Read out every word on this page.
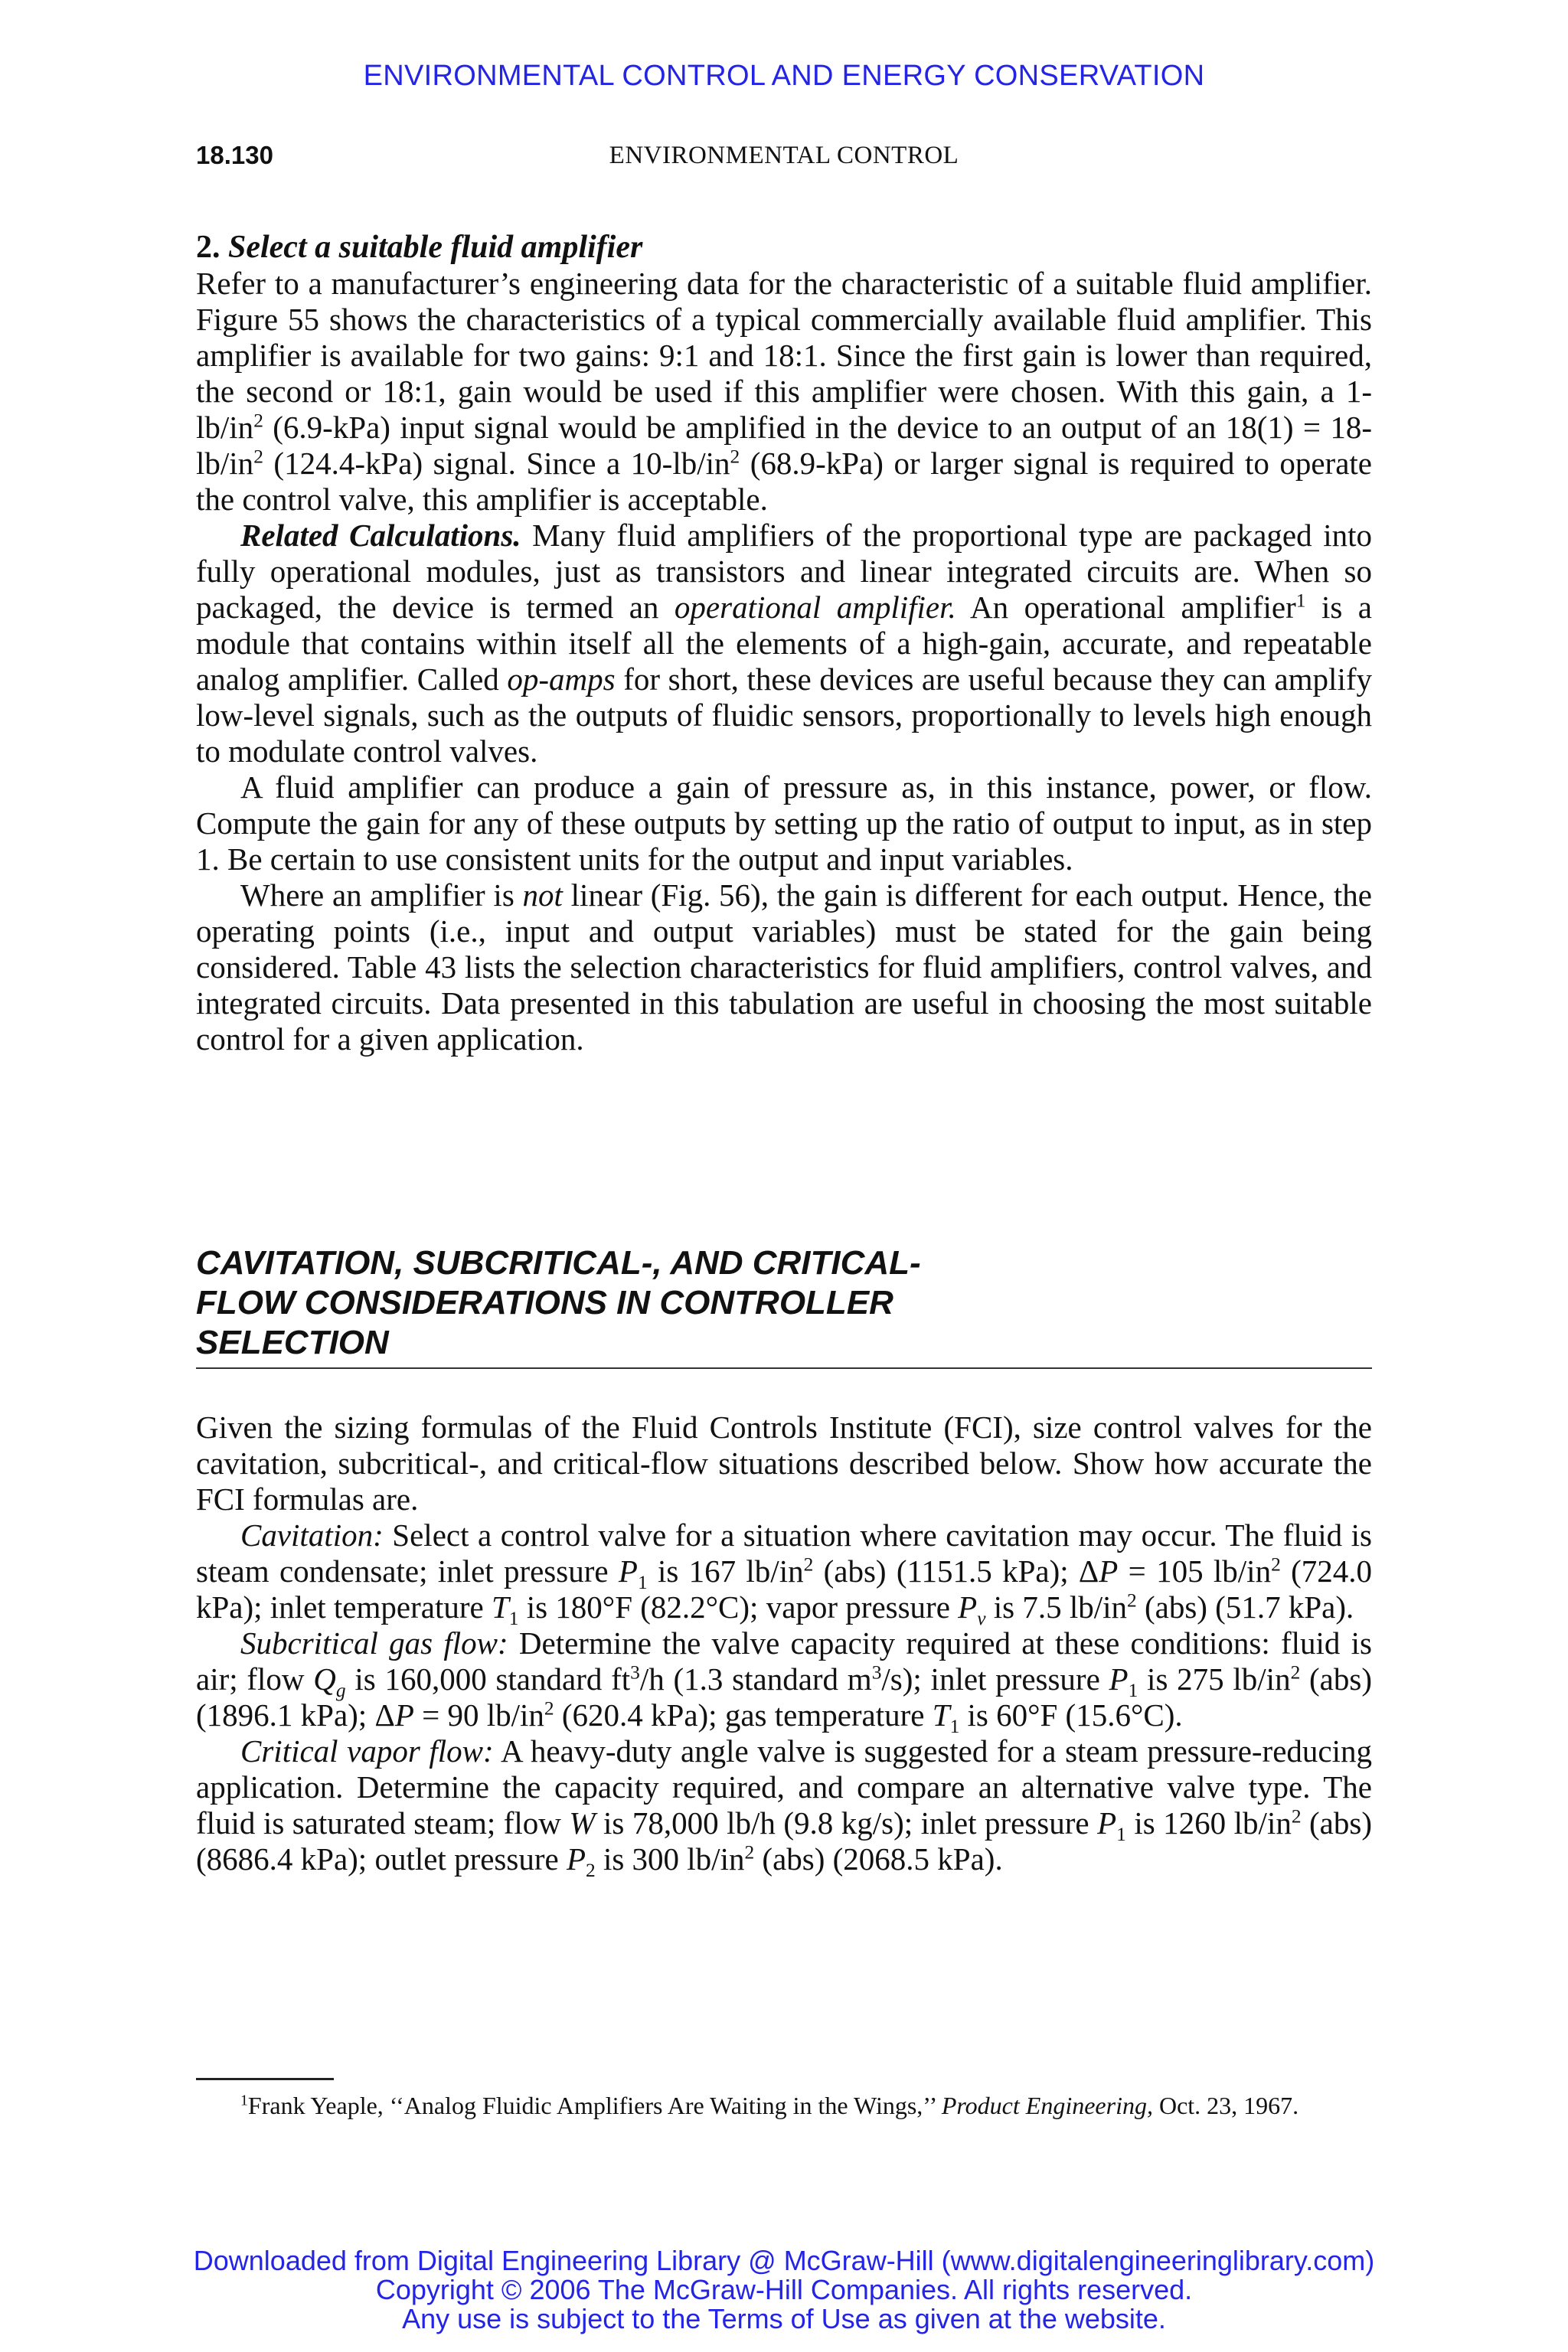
ENVIRONMENTAL CONTROL AND ENERGY CONSERVATION
18.130	ENVIRONMENTAL CONTROL
2. Select a suitable fluid amplifier

Refer to a manufacturer’s engineering data for the characteristic of a suitable fluid amplifier. Figure 55 shows the characteristics of a typical commercially available fluid amplifier. This amplifier is available for two gains: 9:1 and 18:1. Since the first gain is lower than required, the second or 18:1, gain would be used if this amplifier were chosen. With this gain, a $1-lb/in^2$ (6.9-kPa) input signal would be amplified in the device to an output of an $18(1) = 18-lb/in^2$ (124.4-kPa) signal. Since a $10-lb/in^2$ (68.9-kPa) or larger signal is required to operate the control valve, this amplifier is acceptable.

Related Calculations. Many fluid amplifiers of the proportional type are packaged into fully operational modules, just as transistors and linear integrated circuits are. When so packaged, the device is termed an operational amplifier. An operational amplifier$^1$ is a module that contains within itself all the elements of a high-gain, accurate, and repeatable analog amplifier. Called op-amps for short, these devices are useful because they can amplify low-level signals, such as the outputs of fluidic sensors, proportionally to levels high enough to modulate control valves.

A fluid amplifier can produce a gain of pressure as, in this instance, power, or flow. Compute the gain for any of these outputs by setting up the ratio of output to input, as in step 1. Be certain to use consistent units for the output and input variables.

Where an amplifier is not linear (Fig. 56), the gain is different for each output. Hence, the operating points (i.e., input and output variables) must be stated for the gain being considered. Table 43 lists the selection characteristics for fluid amplifiers, control valves, and integrated circuits. Data presented in this tabulation are useful in choosing the most suitable control for a given application.

CAVITATION, SUBCRITICAL-, AND CRITICAL-
FLOW CONSIDERATIONS IN CONTROLLER
SELECTION

Given the sizing formulas of the Fluid Controls Institute (FCI), size control valves for the cavitation, subcritical-, and critical-flow situations described below. Show how accurate the FCI formulas are.

Cavitation: Select a control valve for a situation where cavitation may occur. The fluid is steam condensate; inlet pressure $P_1$ is 167 $lb/in^2$ (abs) (1151.5 kPa); ΔP = 105 $lb/in^2$ (724.0 kPa); inlet temperature $T_1$ is 180°F (82.2°C); vapor pressure $P_v$ is 7.5 $lb/in^2$ (abs) (51.7 kPa).

Subcritical gas flow: Determine the valve capacity required at these conditions: fluid is air; flow $Q_g$ is 160,000 standard $ft^3/h$ (1.3 standard $m^3/s$); inlet pressure $P_1$ is 275 $lb/in^2$ (abs) (1896.1 kPa); ΔP = 90 $lb/in^2$ (620.4 kPa); gas temperature $T_1$ is 60°F (15.6°C).

Critical vapor flow: A heavy-duty angle valve is suggested for a steam pressure-reducing application. Determine the capacity required, and compare an alternative valve type. The fluid is saturated steam; flow W is 78,000 lb/h (9.8 kg/s); inlet pressure $P_1$ is 1260 $lb/in^2$ (abs) (8686.4 kPa); outlet pressure $P_2$ is 300 $lb/in^2$ (abs) (2068.5 kPa).

$^1$Frank Yeaple, ‘‘Analog Fluidic Amplifiers Are Waiting in the Wings,’’ Product Engineering, Oct. 23, 1967.
Downloaded from Digital Engineering Library @ McGraw-Hill (www.digitalengineeringlibrary.com)
Copyright © 2006 The McGraw-Hill Companies. All rights reserved.
Any use is subject to the Terms of Use as given at the website.
